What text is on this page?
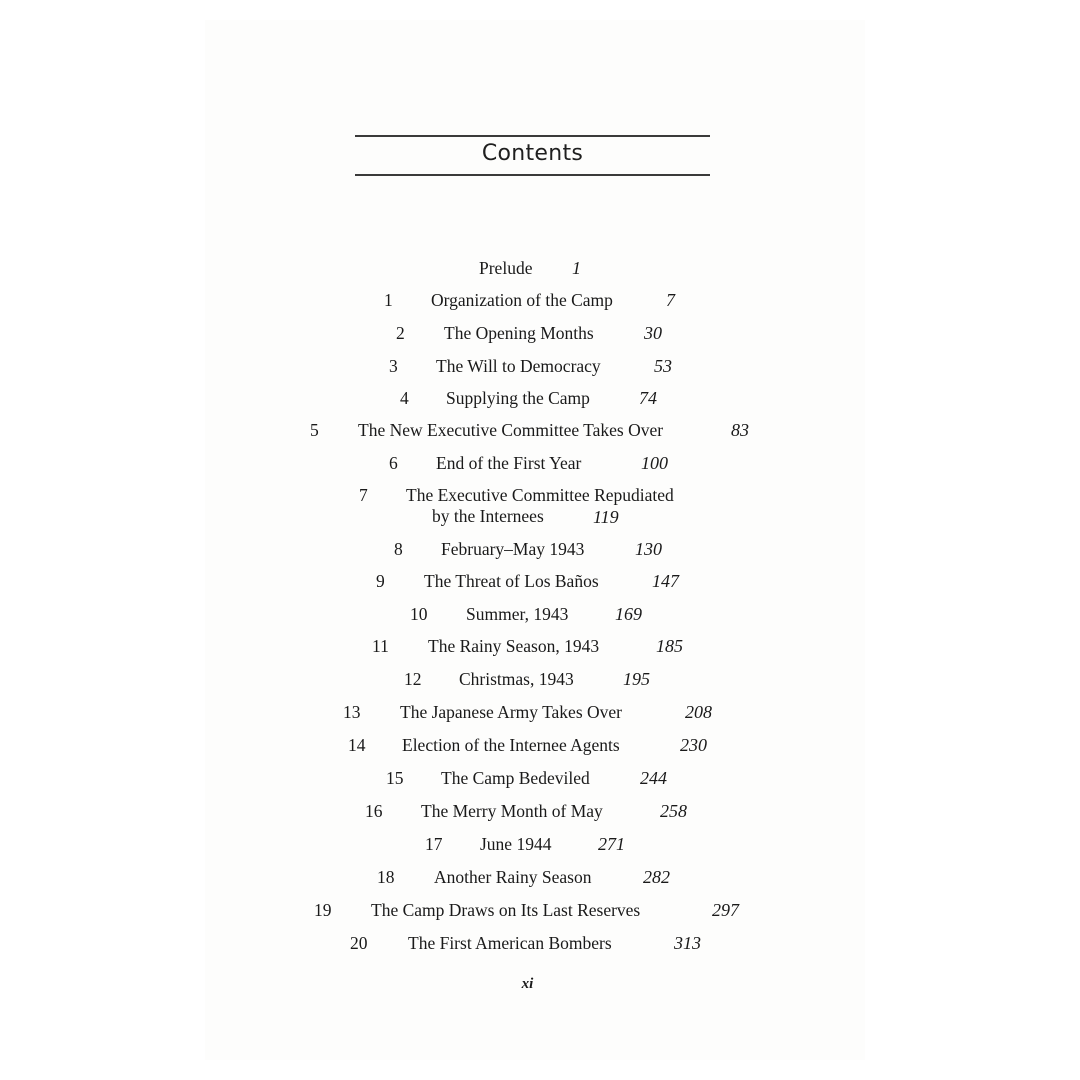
Contents
Prelude 1
1 Organization of the Camp	7
2 The Opening Months	30
3 The Will to Democracy	53
4 Supplying the Camp	74
5 The New Executive Committee Takes Over	83
6 End of the First Year	100
7 The Executive Committee Repudiated
by the Internees	119
8 February–May 1943	130
9 The Threat of Los Baños	147
10 Summer, 1943	169
11 The Rainy Season, 1943	185
12 Christmas, 1943	195
13 The Japanese Army Takes Over	208
14 Election of the Internee Agents	230
15 The Camp Bedeviled	244
16 The Merry Month of May	258
17 June 1944	271
18 Another Rainy Season	282
19 The Camp Draws on Its Last Reserves	297
20 The First American Bombers	313
xi
